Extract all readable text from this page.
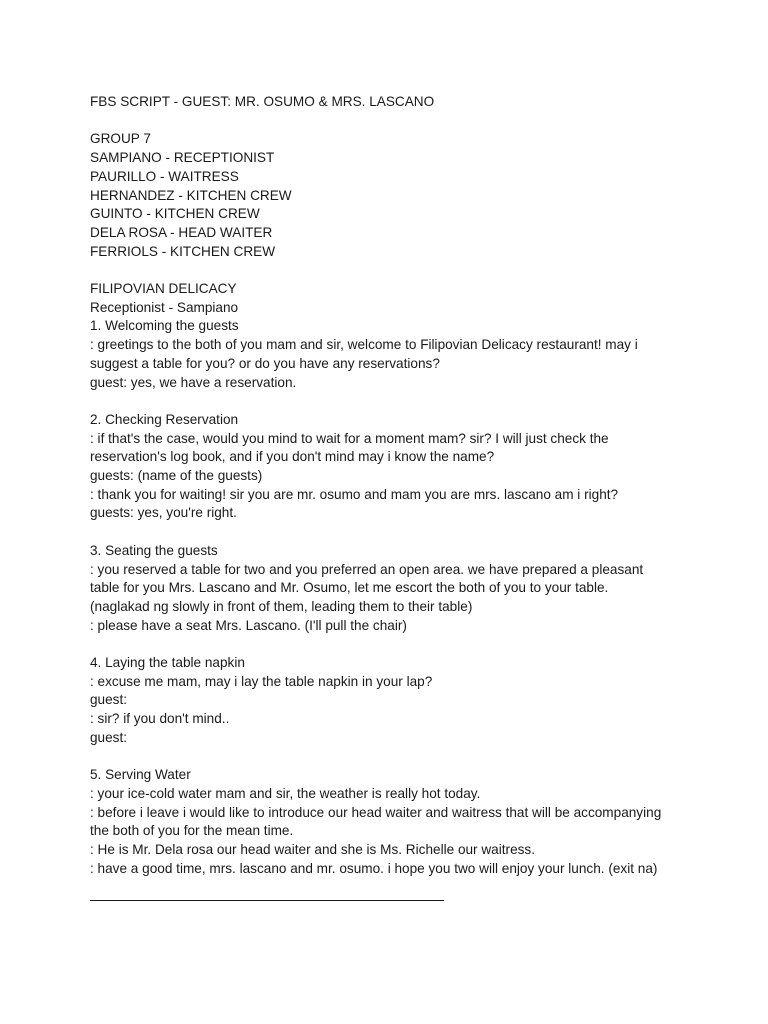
FBS SCRIPT - GUEST: MR. OSUMO & MRS. LASCANO
GROUP 7
SAMPIANO - RECEPTIONIST
PAURILLO - WAITRESS
HERNANDEZ - KITCHEN CREW
GUINTO - KITCHEN CREW
DELA ROSA - HEAD WAITER
FERRIOLS - KITCHEN CREW
FILIPOVIAN DELICACY
Receptionist - Sampiano
1. Welcoming the guests
: greetings to the both of you mam and sir, welcome to Filipovian Delicacy restaurant! may i
suggest a table for you? or do you have any reservations?
guest: yes, we have a reservation.
2. Checking Reservation
: if that's the case, would you mind to wait for a moment mam? sir? I will just check the
reservation's log book, and if you don't mind may i know the name?
guests: (name of the guests)
: thank you for waiting! sir you are mr. osumo and mam you are mrs. lascano am i right?
guests: yes, you're right.
3. Seating the guests
: you reserved a table for two and you preferred an open area. we have prepared a pleasant
table for you Mrs. Lascano and Mr. Osumo, let me escort the both of you to your table.
(naglakad ng slowly in front of them, leading them to their table)
: please have a seat Mrs. Lascano. (I'll pull the chair)
4. Laying the table napkin
: excuse me mam, may i lay the table napkin in your lap?
guest:
: sir? if you don't mind..
guest:
5. Serving Water
: your ice-cold water mam and sir, the weather is really hot today.
: before i leave i would like to introduce our head waiter and waitress that will be accompanying
the both of you for the mean time.
: He is Mr. Dela rosa our head waiter and she is Ms. Richelle our waitress.
: have a good time, mrs. lascano and mr. osumo. i hope you two will enjoy your lunch. (exit na)
